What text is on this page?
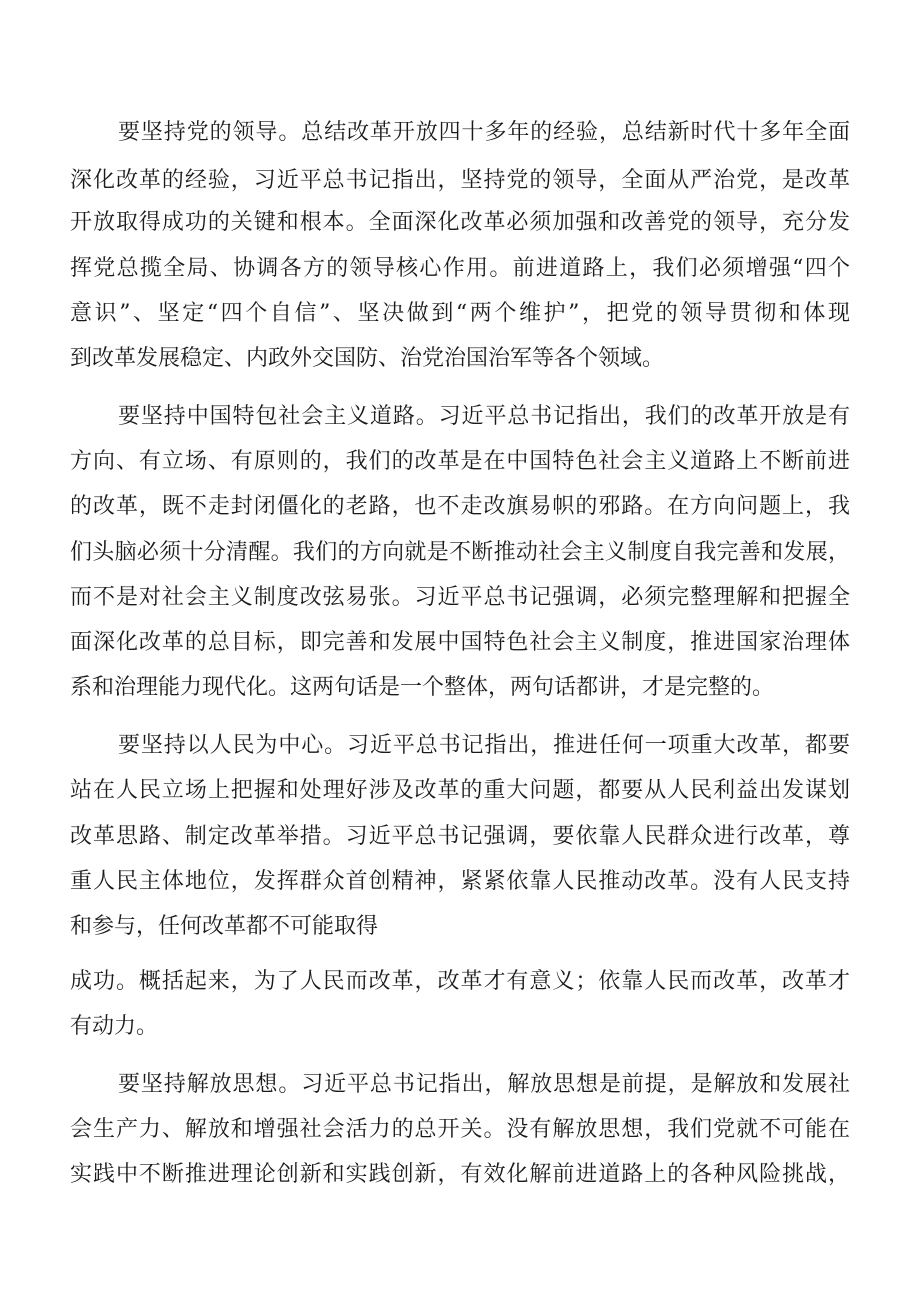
要坚持党的领导。总结改革开放四十多年的经验，总结新时代十多年全面
深化改革的经验，习近平总书记指出，坚持党的领导，全面从严治党，是改革
开放取得成功的关键和根本。全面深化改革必须加强和改善党的领导，充分发
挥党总揽全局、协调各方的领导核心作用。前进道路上，我们必须增强“四个
意识”、坚定“四个自信”、坚决做到“两个维护”，把党的领导贯彻和体现
到改革发展稳定、内政外交国防、治党治国治军等各个领域。
要坚持中国特包社会主义道路。习近平总书记指出，我们的改革开放是有
方向、有立场、有原则的，我们的改革是在中国特色社会主义道路上不断前进
的改革，既不走封闭僵化的老路，也不走改旗易帜的邪路。在方向问题上，我
们头脑必须十分清醒。我们的方向就是不断推动社会主义制度自我完善和发展，
而不是对社会主义制度改弦易张。习近平总书记强调，必须完整理解和把握全
面深化改革的总目标，即完善和发展中国特色社会主义制度，推进国家治理体
系和治理能力现代化。这两句话是一个整体，两句话都讲，才是完整的。
要坚持以人民为中心。习近平总书记指出，推进任何一项重大改革，都要
站在人民立场上把握和处理好涉及改革的重大问题，都要从人民利益出发谋划
改革思路、制定改革举措。习近平总书记强调，要依靠人民群众进行改革，尊
重人民主体地位，发挥群众首创精神，紧紧依靠人民推动改革。没有人民支持
和参与，任何改革都不可能取得
成功。概括起来，为了人民而改革，改革才有意义；依靠人民而改革，改革才
有动力。
要坚持解放思想。习近平总书记指出，解放思想是前提，是解放和发展社
会生产力、解放和增强社会活力的总开关。没有解放思想，我们党就不可能在
实践中不断推进理论创新和实践创新，有效化解前进道路上的各种风险挑战，
